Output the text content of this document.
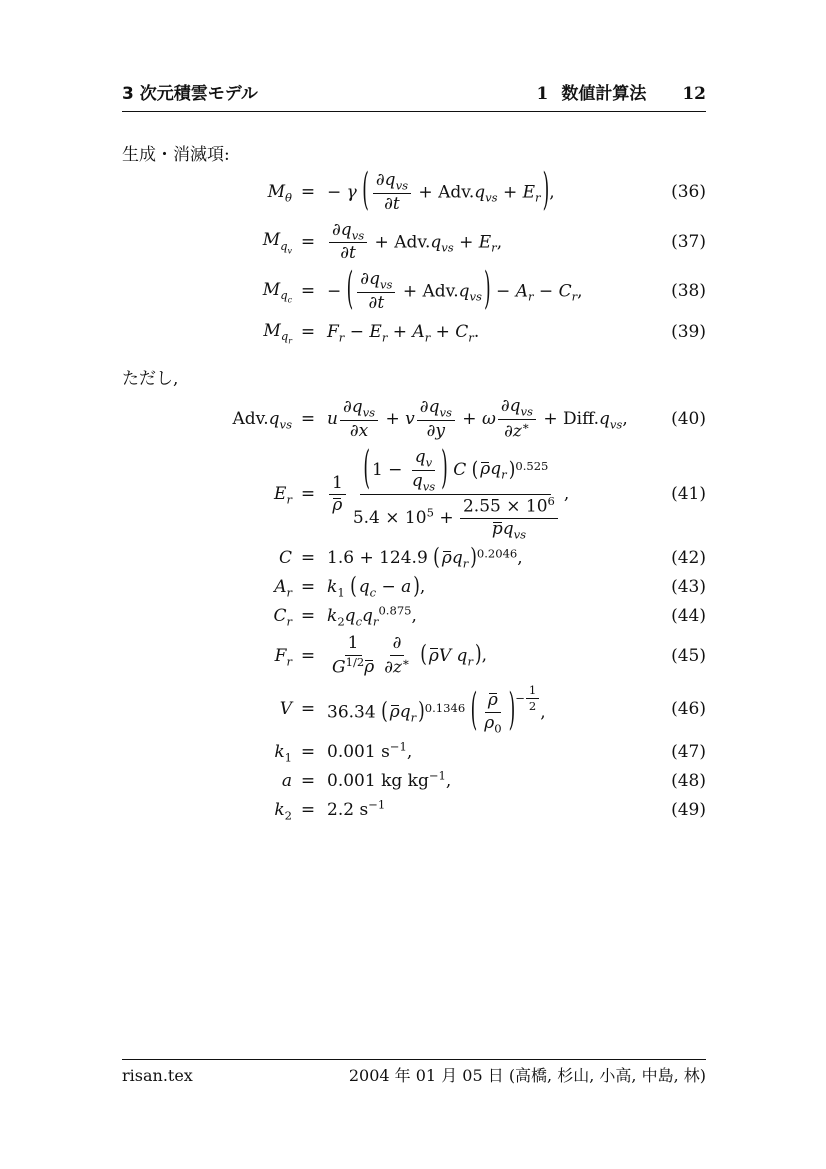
3 次元積雲モデル	1 数値計算法 12
生成・消滅項:
$M_\theta$ = − γ ( $\frac{\partial q_{vs}}{\partial t} + Adv.q_{vs} + E_r$ ) ,	(36)
$M_{q_v} = \frac{\partial q_{vs}}{\partial t} + Adv.q_{vs} + E_r$,	(37)
$M_{q_c}$ = − ( $\frac{\partial q_{vs}}{\partial t} + Adv.q_{vs}$ ) − $A_r - C_r$,	(38)
$M_{q_r} = F_r - E_r + A_r + C_r$.	(39)
ただし,
$Adv.q_{vs} = u \frac{\partial q_{vs}}{\partial x} + v \frac{\partial q_{vs}}{\partial y} + \omega \frac{\partial q_{vs}}{\partial z^∗}$ + $Diff.q_{vs}$,	(40)
$E_r = \frac{1}{\rho} \frac{( 1 - \frac{q_v}{q_{vs}} ) C ( \rho q_r ) ^{0.525}}{5.4 \times 10^5 + \frac{2.55 \times 10^6}{pq_{vs}}}$ ,	(41)
C = 1.6 + 124.9 ( $\rho q_r$ ) $^{0.2046}$,	(42)
$A_r = k_1$ ( $q_c - a$ ) ,	(43)
$C_r = k_2q_cq_r^{0.875}$,	(44)
$F_r = \frac{1}{G^{1/2}\rho} \frac{\partial}{\partial z^∗}$
( ρV $q_r$ ) ,	(45)
V = 36.34 ( $\rho q_r$ ) $^{0.1346}$ ( $\frac{\rho}{\rho_0}$ ) $^{- \frac{1}{2}}$ ,	(46)
$k_1 = 0.001$ $s^{-1}$,	(47)
a = 0.001 kg $kg^{-1}$,	(48)
$k_2 = 2.2$ $s^{-1}$	(49)
risan.tex	2004 年 01 月 05 日 (高橋, 杉山, 小高, 中島, 林)
